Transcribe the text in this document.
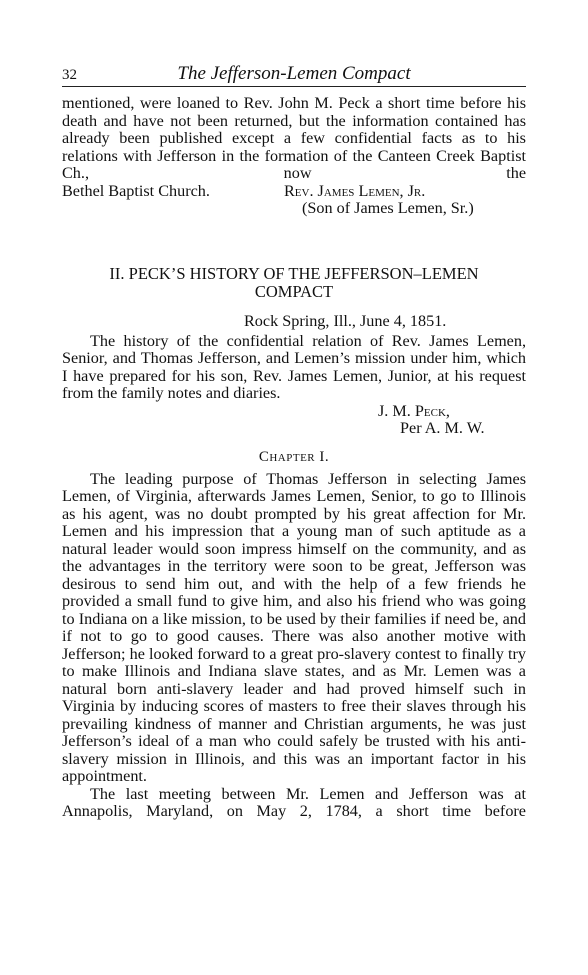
32	The Jefferson-Lemen Compact

mentioned, were loaned to Rev. John M. Peck a short time before his death and have not been returned, but the information contained has already been published except a few confidential facts as to his relations with Jefferson in the formation of the Canteen Creek Baptist Ch., now the

Bethel Baptist Church.	Rev. James Lemen, Jr.
(Son of James Lemen, Sr.)
II. PECK’S HISTORY OF THE JEFFERSON–LEMEN
COMPACT
Rock Spring, Ill., June 4, 1851.

The history of the confidential relation of Rev. James Lemen, Senior, and Thomas Jefferson, and Lemen’s mission under him, which I have prepared for his son, Rev. James Lemen, Junior, at his request from the family notes and diaries.

J. M. Peck,
Per A. M. W.
Chapter I.

The leading purpose of Thomas Jefferson in selecting James Lemen, of Virginia, afterwards James Lemen, Senior, to go to Illinois as his agent, was no doubt prompted by his great affection for Mr. Lemen and his impression that a young man of such aptitude as a natural leader would soon impress himself on the community, and as the advantages in the territory were soon to be great, Jefferson was desirous to send him out, and with the help of a few friends he provided a small fund to give him, and also his friend who was going to Indiana on a like mission, to be used by their families if need be, and if not to go to good causes. There was also another motive with Jefferson; he looked forward to a great pro-slavery contest to finally try to make Illinois and Indiana slave states, and as Mr. Lemen was a natural born anti-slavery leader and had proved himself such in Virginia by inducing scores of masters to free their slaves through his prevailing kindness of manner and Christian arguments, he was just Jefferson’s ideal of a man who could safely be trusted with his anti-slavery mission in Illinois, and this was an important factor in his appointment.

The last meeting between Mr. Lemen and Jefferson was at Annapolis, Maryland, on May 2, 1784, a short time before
